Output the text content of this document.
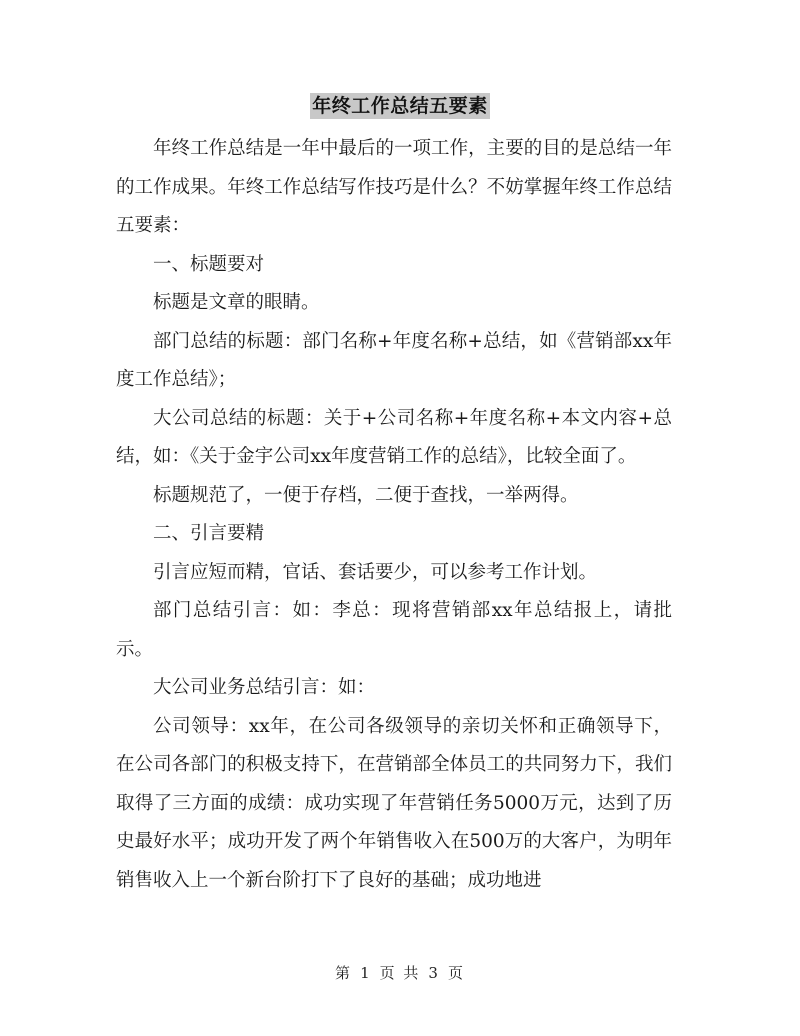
年终工作总结五要素

年终工作总结是一年中最后的一项工作，主要的目的是总结一年的工作成果。年终工作总结写作技巧是什么？不妨掌握年终工作总结五要素：

一、标题要对

标题是文章的眼睛。

部门总结的标题：部门名称+年度名称+总结，如《营销部xx年度工作总结》；

大公司总结的标题：关于+公司名称+年度名称+本文内容+总结，如：《关于金宇公司xx年度营销工作的总结》，比较全面了。

标题规范了，一便于存档，二便于查找，一举两得。

二、引言要精

引言应短而精，官话、套话要少，可以参考工作计划。

部门总结引言：如：李总：现将营销部xx年总结报上，请批示。

大公司业务总结引言：如：

公司领导：xx年，在公司各级领导的亲切关怀和正确领导下，在公司各部门的积极支持下，在营销部全体员工的共同努力下，我们取得了三方面的成绩：成功实现了年营销任务5000万元，达到了历史最好水平；成功开发了两个年销售收入在500万的大客户，为明年销售收入上一个新台阶打下了良好的基础；成功地进

第 1 页 共 3 页
